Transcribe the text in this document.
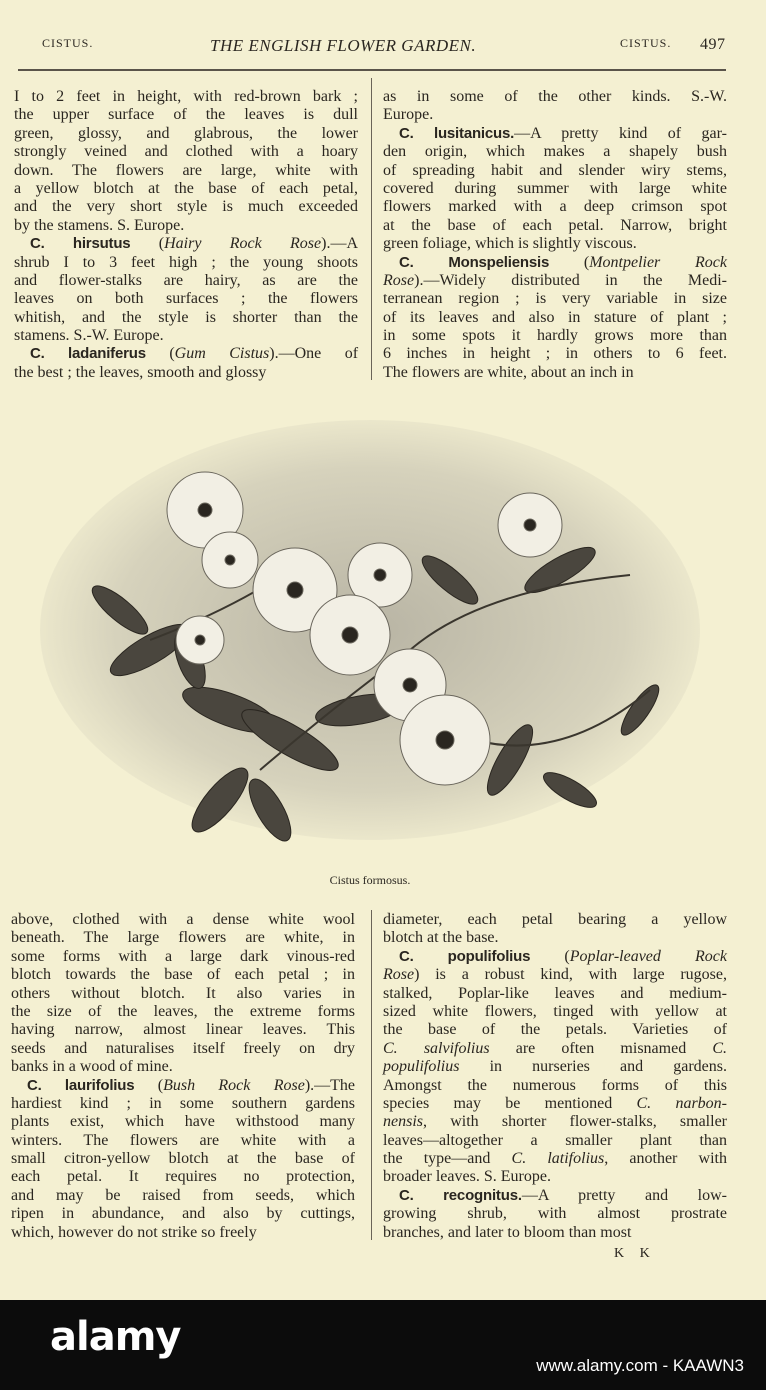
CISTUS.	THE ENGLISH FLOWER GARDEN.	CISTUS. 497
I to 2 feet in height, with red-brown bark ;
the upper surface of the leaves is dull
green, glossy, and glabrous, the lower
strongly veined and clothed with a hoary
down. The flowers are large, white with
a yellow blotch at the base of each petal,
and the very short style is much exceeded
by the stamens. S. Europe.
C. hirsutus (Hairy Rock Rose).—A
shrub I to 3 feet high ; the young shoots
and flower-stalks are hairy, as are the
leaves on both surfaces ; the flowers
whitish, and the style is shorter than the
stamens. S.-W. Europe.
C. ladaniferus (Gum Cistus).—One of
the best ; the leaves, smooth and glossy
as in some of the other kinds. S.-W.
Europe.
C. lusitanicus.—A pretty kind of gar-
den origin, which makes a shapely bush
of spreading habit and slender wiry stems,
covered during summer with large white
flowers marked with a deep crimson spot
at the base of each petal. Narrow, bright
green foliage, which is slightly viscous.
C. Monspeliensis (Montpelier Rock
Rose).—Widely distributed in the Medi-
terranean region ; is very variable in size
of its leaves and also in stature of plant ;
in some spots it hardly grows more than
6 inches in height ; in others to 6 feet.
The flowers are white, about an inch in
Cistus formosus.
above, clothed with a dense white wool
beneath. The large flowers are white, in
some forms with a large dark vinous-red
blotch towards the base of each petal ; in
others without blotch. It also varies in
the size of the leaves, the extreme forms
having narrow, almost linear leaves. This
seeds and naturalises itself freely on dry
banks in a wood of mine.
C. laurifolius (Bush Rock Rose).—The
hardiest kind ; in some southern gardens
plants exist, which have withstood many
winters. The flowers are white with a
small citron-yellow blotch at the base of
each petal. It requires no protection,
and may be raised from seeds, which
ripen in abundance, and also by cuttings,
which, however do not strike so freely
diameter, each petal bearing a yellow
blotch at the base.
C. populifolius (Poplar-leaved Rock
Rose) is a robust kind, with large rugose,
stalked, Poplar-like leaves and medium-
sized white flowers, tinged with yellow at
the base of the petals. Varieties of
C. salvifolius are often misnamed C.
populifolius in nurseries and gardens.
Amongst the numerous forms of this
species may be mentioned C. narbon-
nensis, with shorter flower-stalks, smaller
leaves—altogether a smaller plant than
the type—and C. latifolius, another with
broader leaves. S. Europe.
C. recognitus.—A pretty and low-
growing shrub, with almost prostrate
branches, and later to bloom than most
K K
alamy
www.alamy.com - KAAWN3
